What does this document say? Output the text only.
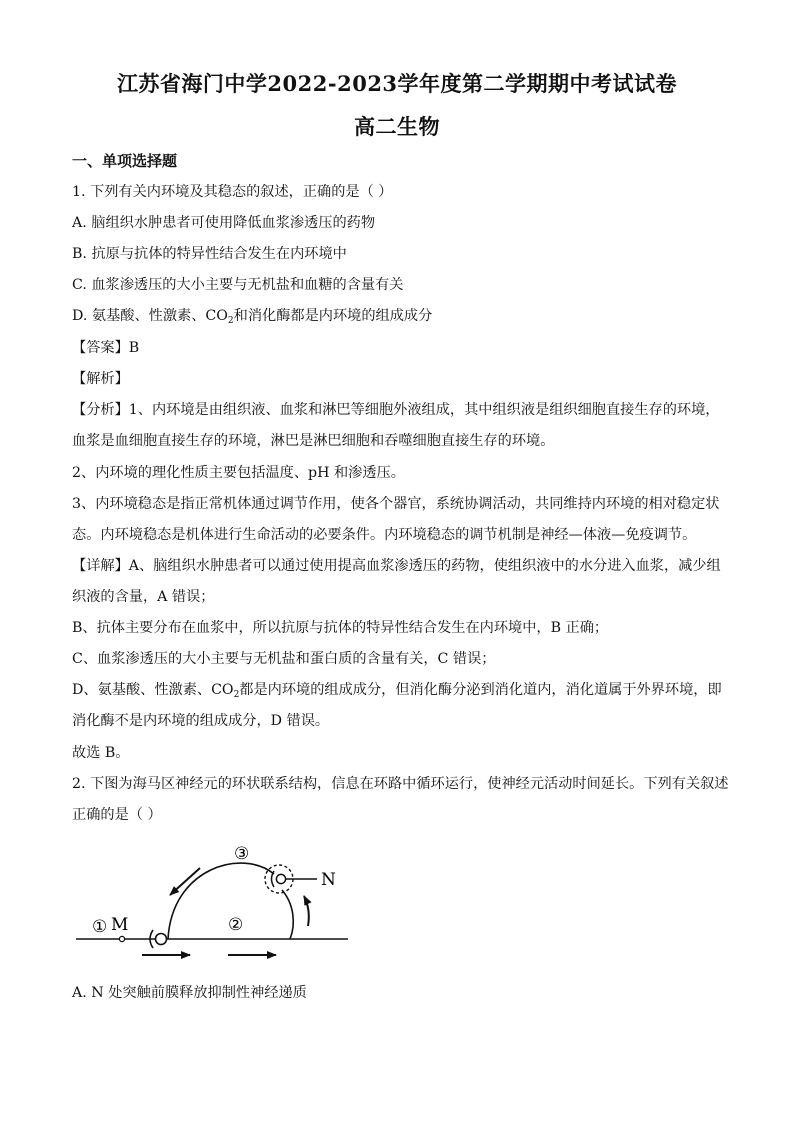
江苏省海门中学2022-2023学年度第二学期期中考试试卷
高二生物
一、单项选择题
1. 下列有关内环境及其稳态的叙述，正确的是（ ）
A. 脑组织水肿患者可使用降低血浆渗透压的药物
B. 抗原与抗体的特异性结合发生在内环境中
C. 血浆渗透压的大小主要与无机盐和血糖的含量有关
D. 氨基酸、性激素、$CO_2$和消化酶都是内环境的组成成分
【答案】B
【解析】
【分析】1、内环境是由组织液、血浆和淋巴等细胞外液组成，其中组织液是组织细胞直接生存的环境，
血浆是血细胞直接生存的环境，淋巴是淋巴细胞和吞噬细胞直接生存的环境。
2、内环境的理化性质主要包括温度、pH 和渗透压。
3、内环境稳态是指正常机体通过调节作用，使各个器官，系统协调活动，共同维持内环境的相对稳定状
态。内环境稳态是机体进行生命活动的必要条件。内环境稳态的调节机制是神经—体液—免疫调节。
【详解】A、脑组织水肿患者可以通过使用提高血浆渗透压的药物，使组织液中的水分进入血浆，减少组
织液的含量，A 错误；
B、抗体主要分布在血浆中，所以抗原与抗体的特异性结合发生在内环境中，B 正确；
C、血浆渗透压的大小主要与无机盐和蛋白质的含量有关，C 错误；
D、氨基酸、性激素、$CO_2$都是内环境的组成成分，但消化酶分泌到消化道内，消化道属于外界环境，即
消化酶不是内环境的组成成分，D 错误。
故选 B。
2. 下图为海马区神经元的环状联系结构，信息在环路中循环运行，使神经元活动时间延长。下列有关叙述
正确的是（ ）
① M	②
③
N
A. N 处突触前膜释放抑制性神经递质
